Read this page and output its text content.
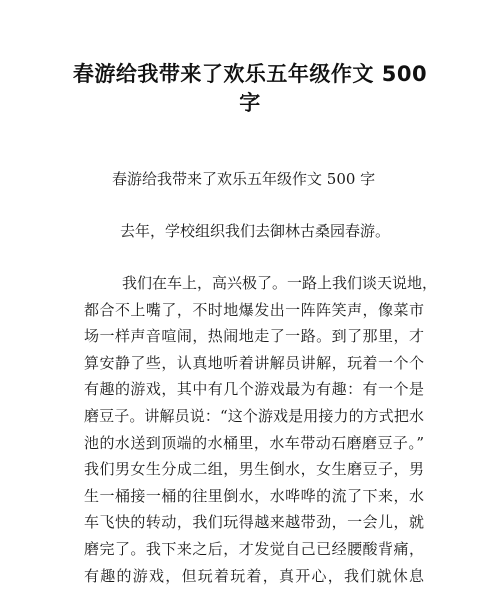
春游给我带来了欢乐五年级作文 500
字
春游给我带来了欢乐五年级作文 500 字
去年，学校组织我们去御林古桑园春游。
我们在车上，高兴极了。一路上我们谈天说地，
都合不上嘴了，不时地爆发出一阵阵笑声，像菜市
场一样声音喧闹，热闹地走了一路。到了那里，才
算安静了些，认真地听着讲解员讲解，玩着一个个
有趣的游戏，其中有几个游戏最为有趣：有一个是
磨豆子。讲解员说：“这个游戏是用接力的方式把水
池的水送到顶端的水桶里，水车带动石磨磨豆子。”
我们男女生分成二组，男生倒水，女生磨豆子，男
生一桶接一桶的往里倒水，水哗哗的流了下来，水
车飞快的转动，我们玩得越来越带劲，一会儿，就
磨完了。我下来之后，才发觉自己已经腰酸背痛，
有趣的游戏，但玩着玩着，真开心，我们就休息
